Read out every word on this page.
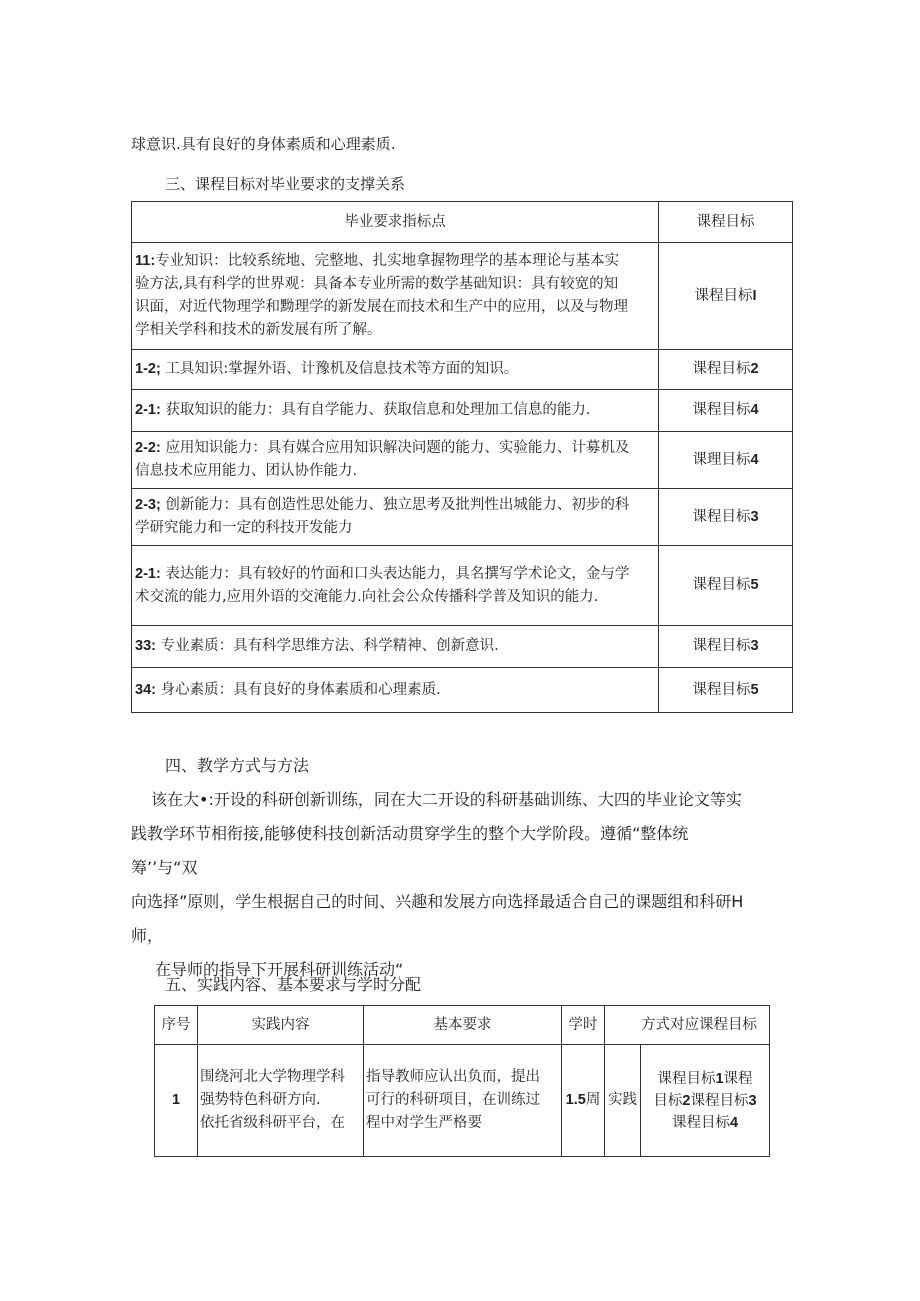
球意识.具有良好的身体素质和心理素质.
三、课程目标对毕业要求的支撑关系
毕业要求指标点	课程目标
11:专业知识：比较系统地、完整地、扎实地拿握物理学的基本理论与基本实
验方法,具有科学的世界观：具备本专业所需的数学基础知识：具有较宽的知
识面，对近代物理学和黝理学的新发展在而技术和生产中的应用，以及与物理
学相关学科和技术的新发展有所了解。	课程目标I
1-2; 工具知识:掌握外语、计豫机及信息技术等方面的知识。	课程目标2
2-1: 获取知识的能力：具有自学能力、获取信息和处理加工信息的能力.	课程目标4
2-2: 应用知识能力：具有媒合应用知识解决问题的能力、实验能力、计募机及
信息技术应用能力、团认协作能力.	课理目标4
2-3; 创新能力：具有创造性思处能力、独立思考及批判性出城能力、初步的科
学研究能力和一定的科技开发能力	课程目标3
2-1: 表达能力：具有较好的竹面和口头表达能力，具名撰写学术论文，金与学
术交流的能力,应用外语的交淹能力.向社会公众传播科学普及知识的能力.	课程目标5
33: 专业素质：具有科学思维方法、科学精神、创新意识.	课程目标3
34: 身心素质：具有良好的身体素质和心理素质.	课程目标5
四、教学方式与方法
该在大•:开设的科研创新训练，同在大二开设的科研基础训练、大四的毕业论文等实
践教学环节相衔接,能够使科技创新活动贯穿学生的整个大学阶段。遵循“整体统筹’’与“双
向选择”原则，学生根据自己的时间、兴趣和发展方向选择最适合自己的课题组和科研H师，
在导师的指导下开展科研训练活动“
五、实践内容、基本要求与学时分配
序号	实践内容	基本要求	学时	方式对应课程目标	
1	围绕河北大学物理学科
强势特色科研方向.
依托省级科研平台，在	指导教师应认出负而，提出
可行的科研项目，在训练过
程中对学生严格要	1.5周	实践	课程目标1课程
目标2课程目标3
课程目标4
